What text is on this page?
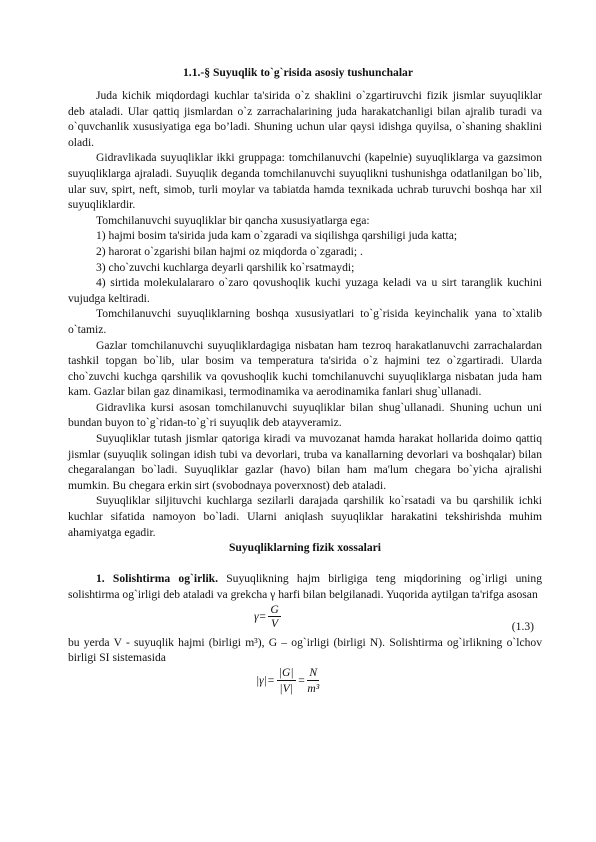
1.1.-§ Suyuqlik to`g`risida asosiy tushunchalar

Juda kichik miqdordagi kuchlar ta'sirida o`z shaklini o`zgartiruvchi fizik jismlar suyuqliklar deb ataladi. Ular qattiq jismlardan o`z zarrachalarining juda harakatchanligi bilan ajralib turadi va o`quvchanlik xususiyatiga ega bo’ladi. Shuning uchun ular qaysi idishga quyilsa, o`shaning shaklini oladi.

Gidravlikada suyuqliklar ikki gruppaga: tomchilanuvchi (kapelnie) suyuqliklarga va gazsimon suyuqliklarga ajraladi. Suyuqlik deganda tomchilanuvchi suyuqlikni tushunishga odatlanilgan bo`lib, ular suv, spirt, neft, simob, turli moylar va tabiatda hamda texnikada uchrab turuvchi boshqa har xil suyuqliklardir.

Tomchilanuvchi suyuqliklar bir qancha xususiyatlarga ega:

1) hajmi bosim ta'sirida juda kam o`zgaradi va siqilishga qarshiligi juda katta;

2) harorat o`zgarishi bilan hajmi oz miqdorda o`zgaradi; .

3) cho`zuvchi kuchlarga deyarli qarshilik ko`rsatmaydi;

4) sirtida molekulalararo o`zaro qovushoqlik kuchi yuzaga keladi va u sirt taranglik kuchini vujudga keltiradi.

Tomchilanuvchi suyuqliklarning boshqa xususiyatlari to`g`risida keyinchalik yana to`xtalib o`tamiz.

Gazlar tomchilanuvchi suyuqliklardagiga nisbatan ham tezroq harakatlanuvchi zarrachalardan tashkil topgan bo`lib, ular bosim va temperatura ta'sirida o`z hajmini tez o`zgartiradi. Ularda cho`zuvchi kuchga qarshilik va qovushoqlik kuchi tomchilanuvchi suyuqliklarga nisbatan juda ham kam. Gazlar bilan gaz dinamikasi, termodinamika va aerodinamika fanlari shug`ullanadi.

Gidravlika kursi asosan tomchilanuvchi suyuqliklar bilan shug`ullanadi. Shuning uchun uni bundan buyon to`g`ridan-to`g`ri suyuqlik deb atayveramiz.

Suyuqliklar tutash jismlar qatoriga kiradi va muvozanat hamda harakat hollarida doimo qattiq jismlar (suyuqlik solingan idish tubi va devorlari, truba va kanallarning devorlari va boshqalar) bilan chegaralangan bo`ladi. Suyuqliklar gazlar (havo) bilan ham ma'lum chegara bo`yicha ajralishi mumkin. Bu chegara erkin sirt (svobodnaya poverxnost) deb ataladi.

Suyuqliklar siljituvchi kuchlarga sezilarli darajada qarshilik ko`rsatadi va bu qarshilik ichki kuchlar sifatida namoyon bo`ladi. Ularni aniqlash suyuqliklar harakatini tekshirishda muhim ahamiyatga egadir.

Suyuqliklarning fizik xossalari

1. Solishtirma og`irlik. Suyuqlikning hajm birligiga teng miqdorining og`irligi uning solishtirma og`irligi deb ataladi va grekcha γ harfi bilan belgilanadi. Yuqorida aytilgan ta'rifga asosan

$\gamma = \frac{G}{V}$	(1.3)

bu yerda V - suyuqlik hajmi (birligi m³), G – og`irligi (birligi N). Solishtirma og`irlikning o`lchov birligi SI sistemasida

$|\gamma| = \frac{|G|}{|V|} = \frac{N}{\text{m³}}$
